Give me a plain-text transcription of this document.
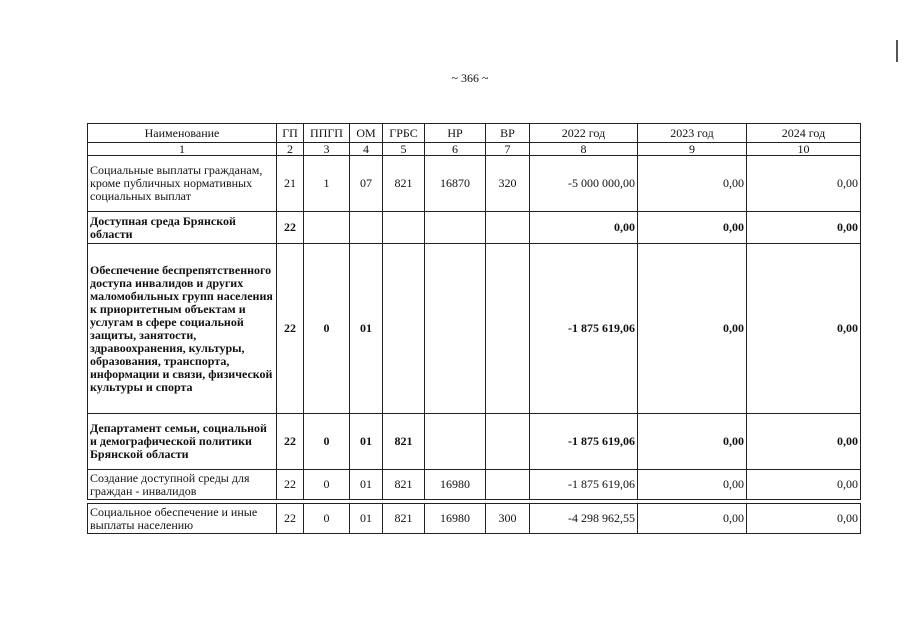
~ 366 ~
Наименование	ГП	ППГП	ОМ	ГРБС	НР	ВР	2022 год	2023 год	2024 год
1	2	3	4	5	6	7	8	9	10
Социальные выплаты гражданам, кроме публичных нормативных социальных выплат	21	1	07	821	16870	320	-5 000 000,00	0,00	0,00
Доступная среда Брянской области	22						0,00	0,00	0,00
Обеспечение беспрепятственного доступа инвалидов и других маломобильных групп населения к приоритетным объектам и услугам в сфере социальной защиты, занятости, здравоохранения, культуры, образования, транспорта, информации и связи, физической культуры и спорта	22	0	01				-1 875 619,06	0,00	0,00
Департамент семьи, социальной и демографической политики Брянской области	22	0	01	821			-1 875 619,06	0,00	0,00
Создание доступной среды для граждан - инвалидов	22	0	01	821	16980		-1 875 619,06	0,00	0,00

Социальное обеспечение и иные выплаты населению	22	0	01	821	16980	300	-4 298 962,55	0,00	0,00
